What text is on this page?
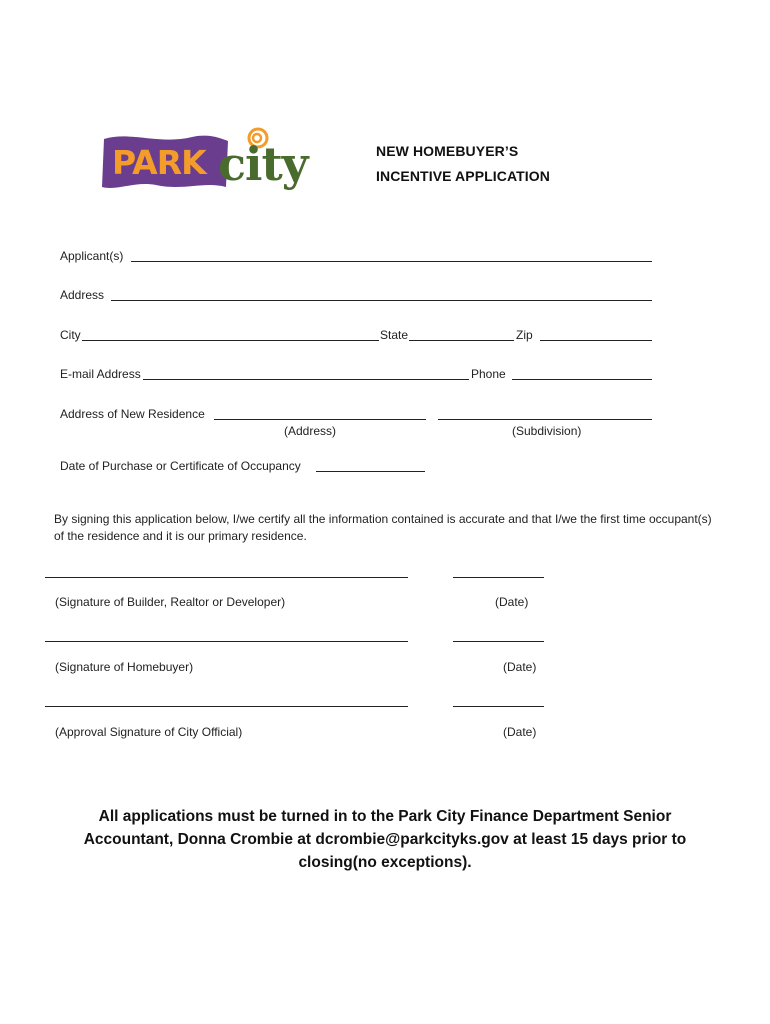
PARK city	NEW HOMEBUYER’S
INCENTIVE APPLICATION
Applicant(s)
Address
City	State	Zip
E-mail Address	Phone
Address of New Residence
(Address)	(Subdivision)
Date of Purchase or Certificate of Occupancy
By signing this application below, I/we certify all the information contained is accurate and that I/we the first time occupant(s) of the residence and it is our primary residence.
(Signature of Builder, Realtor or Developer)	(Date)
(Signature of Homebuyer)	(Date)
(Approval Signature of City Official)	(Date)
All applications must be turned in to the Park City Finance Department Senior Accountant, Donna Crombie at dcrombie@parkcityks.gov at least 15 days prior to closing(no exceptions).
